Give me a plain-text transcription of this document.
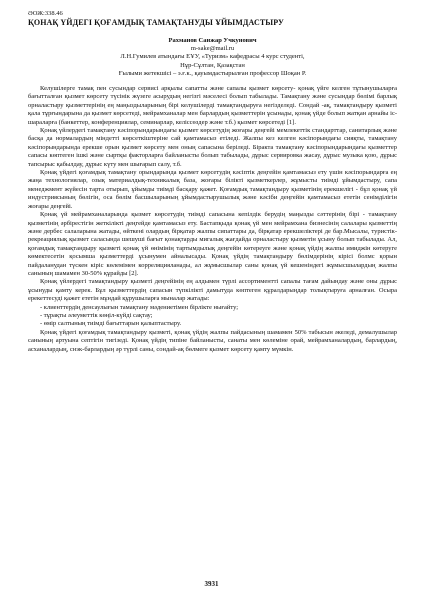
ӘОЖ:338.46

ҚОНАҚ ҮЙДЕГІ ҚОҒАМДЫҚ ТАМАҚТАНУДЫ ҰЙЫМДАСТЫРУ

Рахманов Санжар Учкунович
m-sake@mail.ru
Л.Н.Гумилев атындағы ЕҰУ, «Туризм» кафедрасы 4 курс студенті,
Нұр-Сұлтан, Қазақстан
Ғылыми жетекшісі – э.ғ.к., қауымдастырылған профессор Шоқан Р.

Келушілерге тамақ пен сусындар сервисі арқылы сапатты және сапалы қызмет көрсету- қонақ үйге келген тұтынушыларға бағытталған қызмет көрсету түсінік жүзеге асырудың негізгі мәселесі болып табылады. Тамақтану және сусындар бөлімі барлық орналастыру қызметтерінің ең маңыздыларының бірі келушілерді тамақтандыруға негізделеді. Сондай -ақ, тамақтандыру қызметі қала тұрғындарына да қызмет көрсетеді, мейрамханалар мен барлардың қызметтерін ұсынады, қонақ үйде болып жатқан арнайы іс-шараларға (банкеттер, конференциялар, семинарлар, келіссөздер және т.б.) қызмет көрсетеді [1].

Қонақ үйлердегі тамақтану кәсіпорындарындағы қызмет көрсетудің жоғары деңгейі мемлекеттік стандарттар, санитарлық және басқа да нормалардың міндетті көрсеткіштеріне сай қамтамасыз етіледі. Жалпы кез келген кәсіпорындағы сияқты, тамақтану кәсіпорындарында ерекше орын қызмет көрсету мен оның сапасына беріледі. Біракта тамақтану кәсіпорындарындағы қызметтер сапасы көптеген ішкі және сыртқы факторларға байланысты болып табылады, дұрыс сервировка жасау, дұрыс музыка қою, дұрыс тапсырыс қабылдау, дұрыс күту мен шығарып салу, т.б.

Қонақ үйдегі қоғамдық тамақтану орындарында қызмет көрсетудің кәсіптік деңгейін қамтамасыз ету үшін кәсіпорындарға ең жаңа технологиялар, озық материалдық-техникалық база, жоғары білікті қызметкерлер, жұмысты тиімді ұйымдастыру, сапа менеджмент жүйесін тарта отырып, ұйымды тиімді басқару қажет. Қоғамдық тамақтандыру қызметінің ерекшелігі - бұл қонақ үй индустриясының бөлігін, оса бөлім басшыларының ұйымдастырушылық және кәсіби деңгейін қамтамасыз ететін сенімділігін жоғары деңгейі.

Қонақ үй мейрамханаларында қызмет көрсетудің тиімді сапасына кепілдік берудің маңызды сәттерінің бірі - тамақтану қызметінің әрбірестігін жеткілікті деңгейде қамтамасыз ету. Бастапқыда қонақ үй мен мейрамхана бизнесінің салалары қызметтің және дербес салаларына жатады, өйткені олардың бірқатар жалпы сипаттары да, бірқатар ерекшеліктері де бар.Мысалы, туристік- рекреациялық қызмет саласында шешуші бағыт қонақтарды мигалық жағдайда орналастыру қызметін ұсыну болып табылады. Ал, қоғамдық тамақтандыру қызметі қонақ үй өнімінің тартымдылық деңгейін көтереуге және қонақ үйдің жалпы имиджін көтеруге көмектесетін қосымша қызметтерді ұсынумен айналысады. Қонақ үйдің тамақтандыру бөлімдерінің кірісі болмс қорын пайдаланудан түскен кіріс көлемімен корреляцияланады, ал жұмысшылар саны қонақ үй кешеніндегі жұмысшылардың жалпы санының шамамен 30-50% құрайды [2].

Қонақ үйлердегі тамақтандыру қызметі деңгейінің ең алдымен түрлі ассортиментті сапалы тағам дайындау және оны дұрыс ұсынуды қамту керек. Бұл қызметтердің сапасын түпкілікті дамытуда көптеген құралдарыңдар толықтыруға арналған. Осыра ерекеттесуді қажет ететін мұндай құрушыларға мыналар жатады:

- клиенттердің денсаулығын тамақтану мәдениетімен бірлікте нығайту;

- тұрақты әлеуметтік көңіл-күйді сақтау;

- өмір салтының тиімді бағыттарын қалыптастыру.

Қонақ үйдегі қоғамдық тамақтандыру қызметі, қонақ үйдің жалпы пайдасының шамамен 50% табысын әкеледі, демалушылар санының артуына септігін тигізеді. Қонақ үйдің типіне байланысты, санаты мен көлеміне орай, мейрамханалардың, барлардың, асханалардың, снэк-барлардың әр түрлі саны, сондай-ақ бөлмеге қызмет көрсету қамту мүмкін.

3931
